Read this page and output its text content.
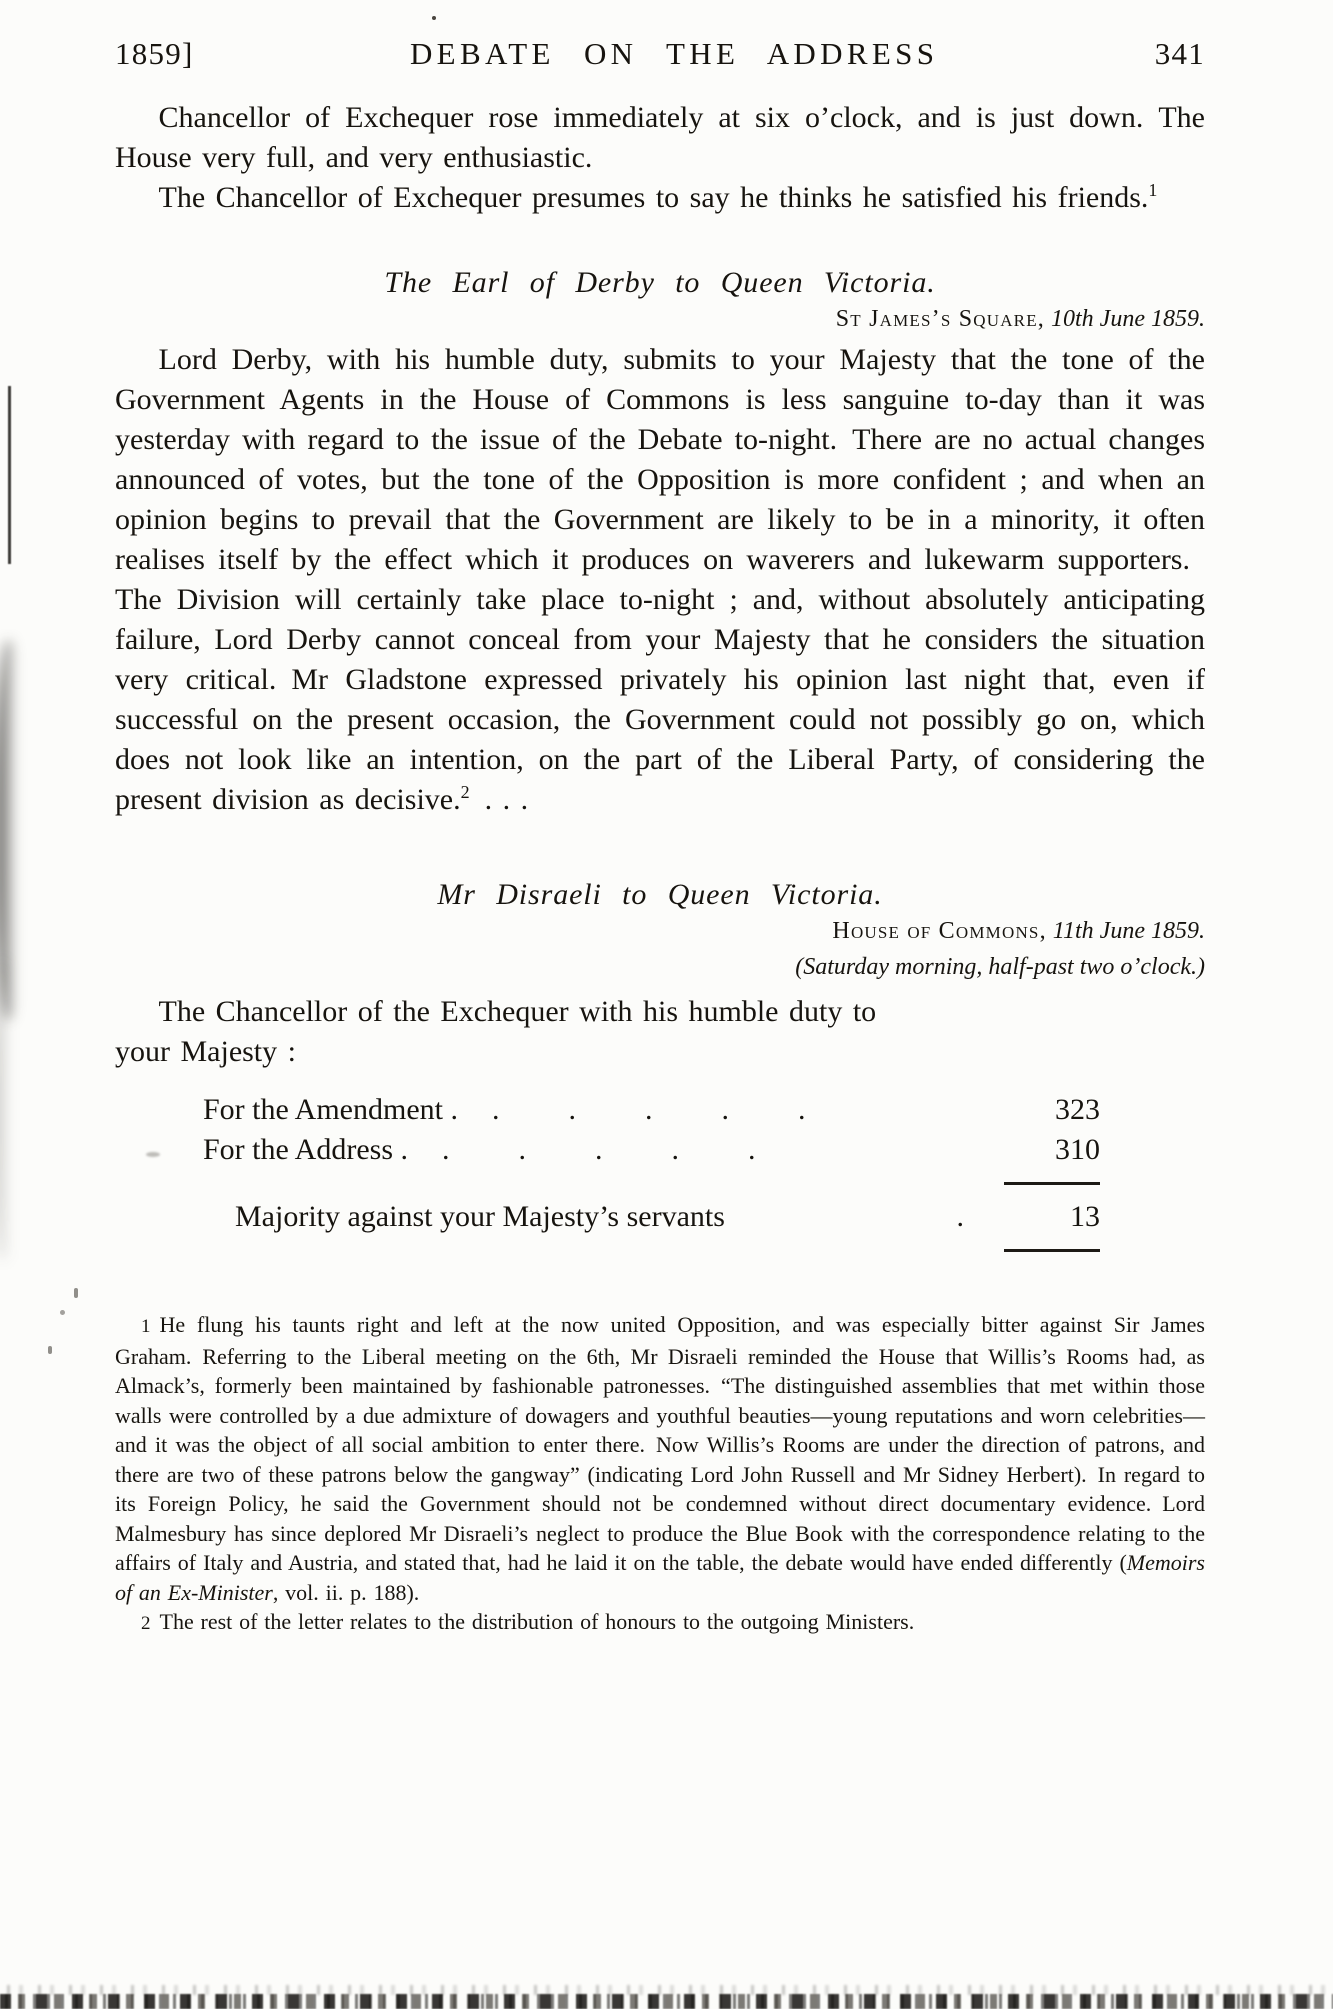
1859]	DEBATE ON THE ADDRESS	341

Chancellor of Exchequer rose immediately at six o’clock, and is just down. The House very full, and very enthusiastic.

The Chancellor of Exchequer presumes to say he thinks he satisfied his friends.$^1$

The Earl of Derby to Queen Victoria.

St James’s Square, 10th June 1859.

Lord Derby, with his humble duty, submits to your Majesty that the tone of the Government Agents in the House of Commons is less sanguine to-day than it was yesterday with regard to the issue of the Debate to-night. There are no actual changes announced of votes, but the tone of the Opposition is more confident ; and when an opinion begins to prevail that the Government are likely to be in a minority, it often realises itself by the effect which it produces on waverers and lukewarm supporters. The Division will certainly take place to-night ; and, without absolutely anticipating failure, Lord Derby cannot conceal from your Majesty that he considers the situation very critical. Mr Gladstone expressed privately his opinion last night that, even if successful on the present occasion, the Government could not possibly go on, which does not look like an intention, on the part of the Liberal Party, of considering the present division as decisive.$^2$ . . .

Mr Disraeli to Queen Victoria.

House of Commons, 11th June 1859.

(Saturday morning, half-past two o’clock.)

The Chancellor of the Exchequer with his humble duty to
your Majesty :

For the Amendment .	.....	323
For the Address .	.....	310
Majority against your Majesty’s servants	.	13

1 He flung his taunts right and left at the now united Opposition, and was especially bitter against Sir James Graham. Referring to the Liberal meeting on the 6th, Mr Disraeli reminded the House that Willis’s Rooms had, as Almack’s, formerly been maintained by fashionable patronesses. “The distinguished assemblies that met within those walls were controlled by a due admixture of dowagers and youthful beauties—young reputations and worn celebrities—and it was the object of all social ambition to enter there. Now Willis’s Rooms are under the direction of patrons, and there are two of these patrons below the gangway” (indicating Lord John Russell and Mr Sidney Herbert). In regard to its Foreign Policy, he said the Government should not be condemned without direct documentary evidence. Lord Malmesbury has since deplored Mr Disraeli’s neglect to produce the Blue Book with the correspondence relating to the affairs of Italy and Austria, and stated that, had he laid it on the table, the debate would have ended differently (Memoirs of an Ex-Minister, vol. ii. p. 188).

2 The rest of the letter relates to the distribution of honours to the outgoing Ministers.
